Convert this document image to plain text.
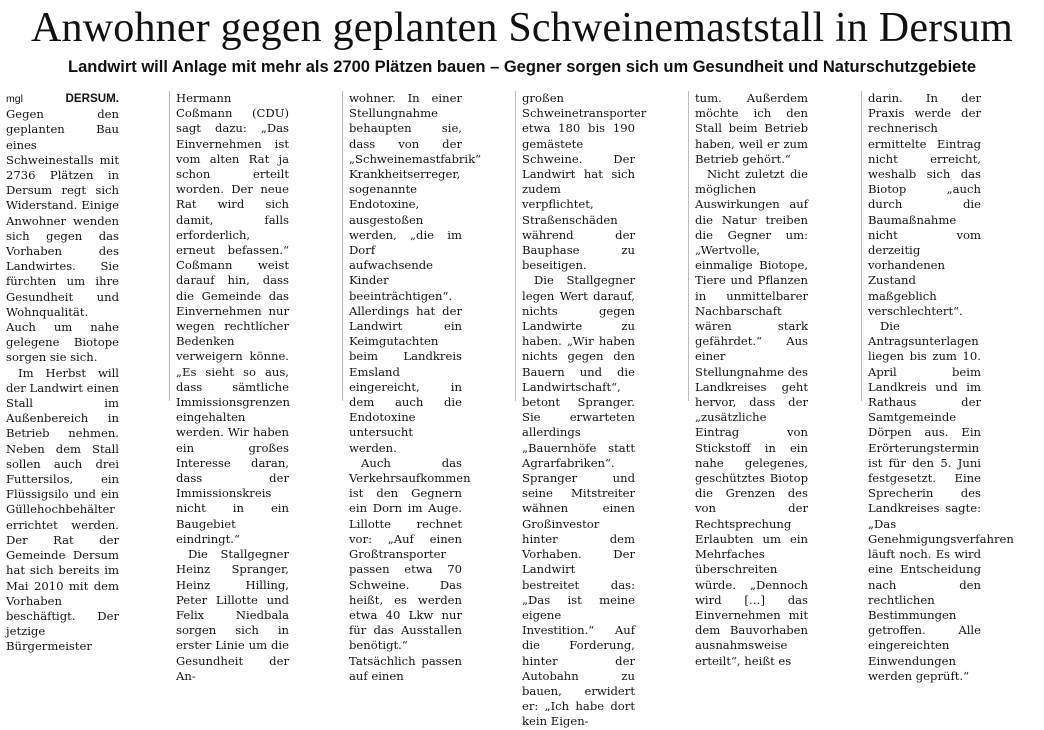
Anwohner gegen geplanten Schweinemaststall in Dersum
Landwirt will Anlage mit mehr als 2700 Plätzen bauen – Gegner sorgen sich um Gesundheit und Naturschutzgebiete

mgl	DERSUM. Gegen den geplanten Bau eines Schweinestalls mit 2736 Plätzen in Dersum regt sich Widerstand. Einige Anwohner wenden sich gegen das Vorhaben des Landwirtes. Sie fürchten um ihre Gesundheit und Wohnqualität. Auch um nahe gelegene Biotope sorgen sie sich.

Im Herbst will der Landwirt einen Stall im Außenbereich in Betrieb nehmen. Neben dem Stall sollen auch drei Futtersilos, ein Flüssigsilo und ein Güllehochbehälter errichtet werden. Der Rat der Gemeinde Dersum hat sich bereits im Mai 2010 mit dem Vorhaben beschäftigt. Der jetzige Bürgermeister

Hermann Coßmann (CDU) sagt dazu: „Das Einvernehmen ist vom alten Rat ja schon erteilt worden. Der neue Rat wird sich damit, falls erforderlich, erneut befassen.“ Coßmann weist darauf hin, dass die Gemeinde das Einvernehmen nur wegen rechtlicher Bedenken verweigern könne. „Es sieht so aus, dass sämtliche Immissionsgrenzen eingehalten werden. Wir haben ein großes Interesse daran, dass der Immissionskreis nicht in ein Baugebiet eindringt.“

Die Stallgegner Heinz Spranger, Heinz Hilling, Peter Lillotte und Felix Niedbala sorgen sich in erster Linie um die Gesundheit der An-

wohner. In einer Stellungnahme behaupten sie, dass von der „Schweinemastfabrik“ Krankheitserreger, sogenannte Endotoxine, ausgestoßen werden, „die im Dorf aufwachsende Kinder beeinträchtigen“. Allerdings hat der Landwirt ein Keimgutachten beim Landkreis Emsland eingereicht, in dem auch die Endotoxine untersucht werden.

Auch das Verkehrsaufkommen ist den Gegnern ein Dorn im Auge. Lillotte rechnet vor: „Auf einen Großtransporter passen etwa 70 Schweine. Das heißt, es werden etwa 40 Lkw nur für das Ausstallen benötigt.“ Tatsächlich passen auf einen

großen Schweinetransporter etwa 180 bis 190 gemästete Schweine. Der Landwirt hat sich zudem verpflichtet, Straßenschäden während der Bauphase zu beseitigen.

Die Stallgegner legen Wert darauf, nichts gegen Landwirte zu haben. „Wir haben nichts gegen den Bauern und die Landwirtschaft“, betont Spranger. Sie erwarteten allerdings „Bauernhöfe statt Agrarfabriken“. Spranger und seine Mitstreiter wähnen einen Großinvestor hinter dem Vorhaben. Der Landwirt bestreitet das: „Das ist meine eigene Investition.“ Auf die Forderung, hinter der Autobahn zu bauen, erwidert er: „Ich habe dort kein Eigen-

tum. Außerdem möchte ich den Stall beim Betrieb haben, weil er zum Betrieb gehört.“

Nicht zuletzt die möglichen Auswirkungen auf die Natur treiben die Gegner um: „Wertvolle, einmalige Biotope, Tiere und Pflanzen in unmittelbarer Nachbarschaft wären stark gefährdet.“ Aus einer Stellungnahme des Landkreises geht hervor, dass der „zusätzliche Eintrag von Stickstoff in ein nahe gelegenes, geschütztes Biotop die Grenzen des von der Rechtsprechung Erlaubten um ein Mehrfaches überschreiten würde. „Dennoch wird […] das Einvernehmen mit dem Bauvorhaben ausnahmsweise erteilt“, heißt es

darin. In der Praxis werde der rechnerisch ermittelte Eintrag nicht erreicht, weshalb sich das Biotop „auch durch die Baumaßnahme nicht vom derzeitig vorhandenen Zustand maßgeblich verschlechtert“.

Die Antragsunterlagen liegen bis zum 10. April beim Landkreis und im Rathaus der Samtgemeinde Dörpen aus. Ein Erörterungstermin ist für den 5. Juni festgesetzt. Eine Sprecherin des Landkreises sagte: „Das Genehmigungsverfahren läuft noch. Es wird eine Entscheidung nach den rechtlichen Bestimmungen getroffen. Alle eingereichten Einwendungen werden geprüft.“
